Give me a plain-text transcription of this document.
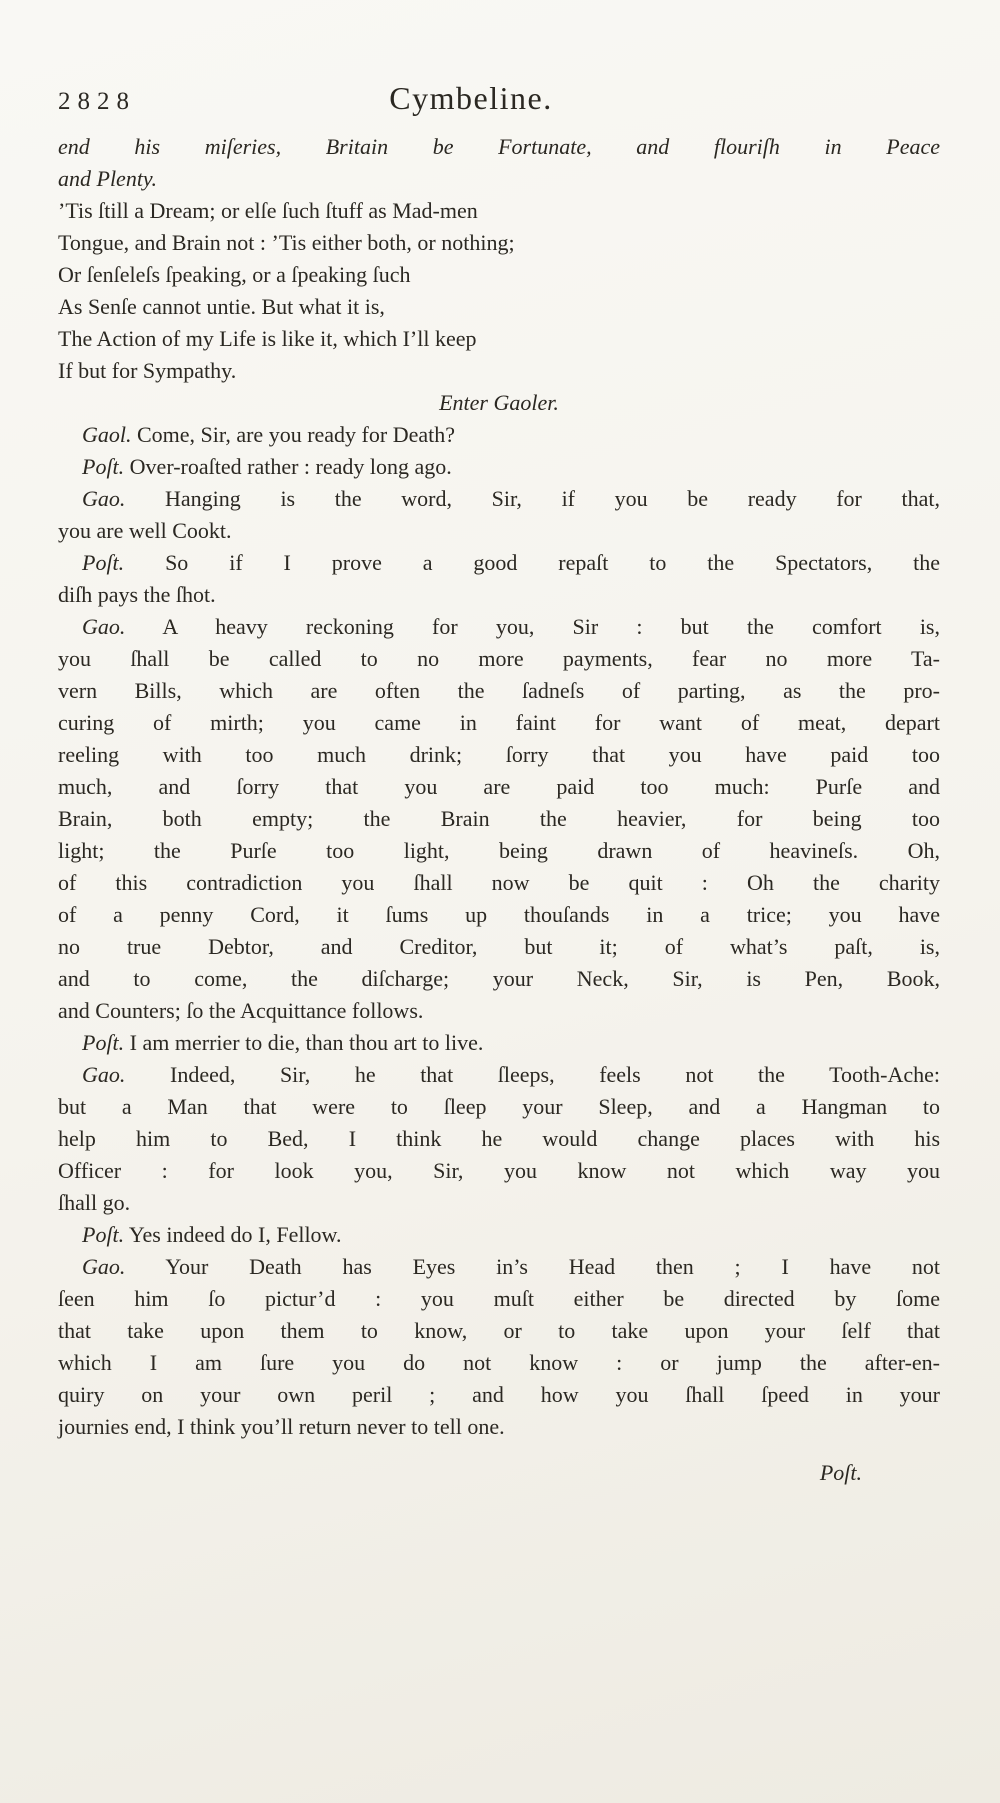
2828	Cymbeline.
end his miſeries, Britain be Fortunate, and flouriſh in Peace
and Plenty.
’Tis ſtill a Dream; or elſe ſuch ſtuff as Mad-men
Tongue, and Brain not : ’Tis either both, or nothing;
Or ſenſeleſs ſpeaking, or a ſpeaking ſuch
As Senſe cannot untie. But what it is,
The Action of my Life is like it, which I’ll keep
If but for Sympathy.
Enter Gaoler.
Gaol. Come, Sir, are you ready for Death?
Poſt. Over-roaſted rather : ready long ago.
Gao. Hanging is the word, Sir, if you be ready for that,
you are well Cookt.
Poſt. So if I prove a good repaſt to the Spectators, the
diſh pays the ſhot.
Gao. A heavy reckoning for you, Sir : but the comfort is,
you ſhall be called to no more payments, fear no more Ta-
vern Bills, which are often the ſadneſs of parting, as the pro-
curing of mirth; you came in faint for want of meat, depart
reeling with too much drink; ſorry that you have paid too
much, and ſorry that you are paid too much: Purſe and
Brain, both empty; the Brain the heavier, for being too
light; the Purſe too light, being drawn of heavineſs. Oh,
of this contradiction you ſhall now be quit : Oh the charity
of a penny Cord, it ſums up thouſands in a trice; you have
no true Debtor, and Creditor, but it; of what’s paſt, is,
and to come, the diſcharge; your Neck, Sir, is Pen, Book,
and Counters; ſo the Acquittance follows.
Poſt. I am merrier to die, than thou art to live.
Gao. Indeed, Sir, he that ſleeps, feels not the Tooth-Ache:
but a Man that were to ſleep your Sleep, and a Hangman to
help him to Bed, I think he would change places with his
Officer : for look you, Sir, you know not which way you
ſhall go.
Poſt. Yes indeed do I, Fellow.
Gao. Your Death has Eyes in’s Head then ; I have not
ſeen him ſo pictur’d : you muſt either be directed by ſome
that take upon them to know, or to take upon your ſelf that
which I am ſure you do not know : or jump the after-en-
quiry on your own peril ; and how you ſhall ſpeed in your
journies end, I think you’ll return never to tell one.
Poſt.
